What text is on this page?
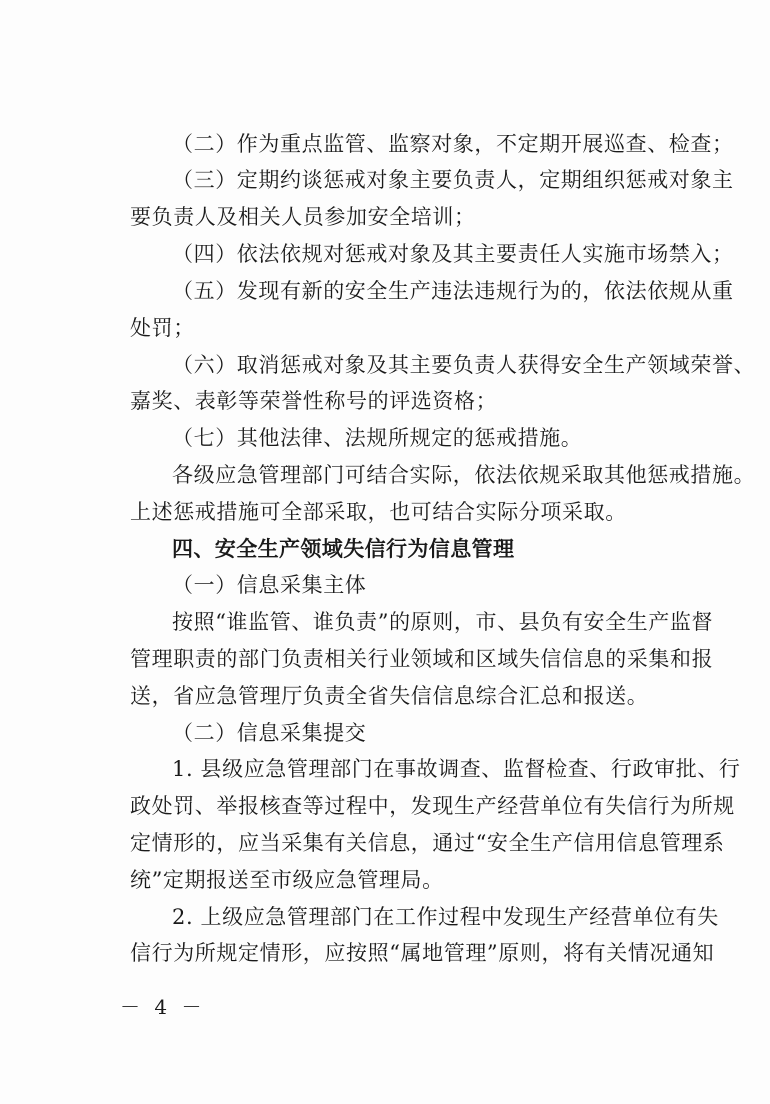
（二）作为重点监管、监察对象，不定期开展巡查、检查；
（三）定期约谈惩戒对象主要负责人，定期组织惩戒对象主
要负责人及相关人员参加安全培训；
（四）依法依规对惩戒对象及其主要责任人实施市场禁入；
（五）发现有新的安全生产违法违规行为的，依法依规从重
处罚；
（六）取消惩戒对象及其主要负责人获得安全生产领域荣誉、
嘉奖、表彰等荣誉性称号的评选资格；
（七）其他法律、法规所规定的惩戒措施。
各级应急管理部门可结合实际，依法依规采取其他惩戒措施。
上述惩戒措施可全部采取，也可结合实际分项采取。
四、安全生产领域失信行为信息管理
（一）信息采集主体
按照“谁监管、谁负责”的原则，市、县负有安全生产监督
管理职责的部门负责相关行业领域和区域失信信息的采集和报
送，省应急管理厅负责全省失信信息综合汇总和报送。
（二）信息采集提交
1. 县级应急管理部门在事故调查、监督检查、行政审批、行
政处罚、举报核查等过程中，发现生产经营单位有失信行为所规
定情形的，应当采集有关信息，通过“安全生产信用信息管理系
统”定期报送至市级应急管理局。
2. 上级应急管理部门在工作过程中发现生产经营单位有失
信行为所规定情形，应按照“属地管理”原则，将有关情况通知
－ 4 －
